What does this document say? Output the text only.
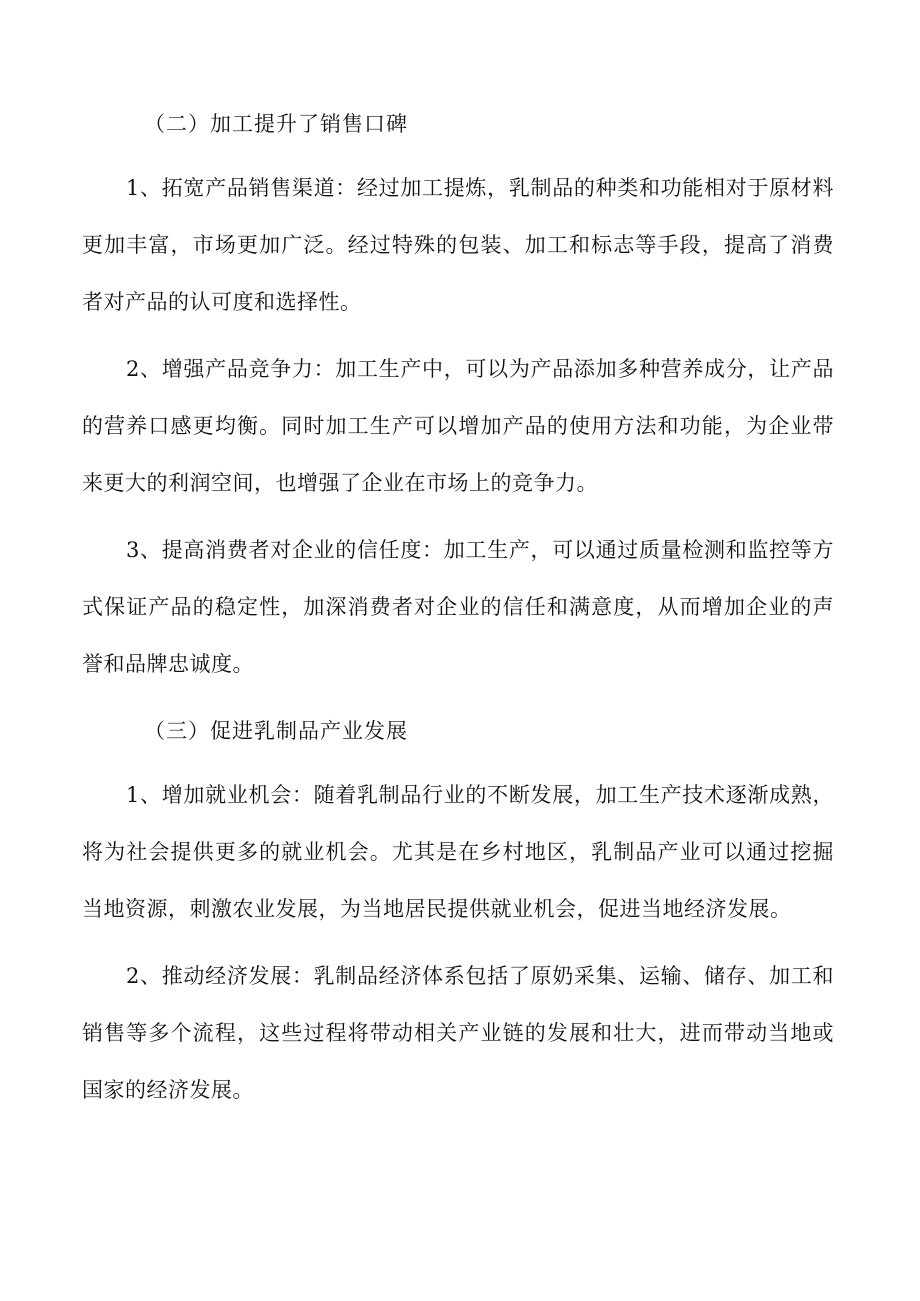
（二）加工提升了销售口碑

1、拓宽产品销售渠道：经过加工提炼，乳制品的种类和功能相对于原材料更加丰富，市场更加广泛。经过特殊的包装、加工和标志等手段，提高了消费者对产品的认可度和选择性。

2、增强产品竞争力：加工生产中，可以为产品添加多种营养成分，让产品的营养口感更均衡。同时加工生产可以增加产品的使用方法和功能，为企业带来更大的利润空间，也增强了企业在市场上的竞争力。

3、提高消费者对企业的信任度：加工生产，可以通过质量检测和监控等方式保证产品的稳定性，加深消费者对企业的信任和满意度，从而增加企业的声誉和品牌忠诚度。

（三）促进乳制品产业发展

1、增加就业机会：随着乳制品行业的不断发展，加工生产技术逐渐成熟，将为社会提供更多的就业机会。尤其是在乡村地区，乳制品产业可以通过挖掘当地资源，刺激农业发展，为当地居民提供就业机会，促进当地经济发展。

2、推动经济发展：乳制品经济体系包括了原奶采集、运输、储存、加工和销售等多个流程，这些过程将带动相关产业链的发展和壮大，进而带动当地或国家的经济发展。
